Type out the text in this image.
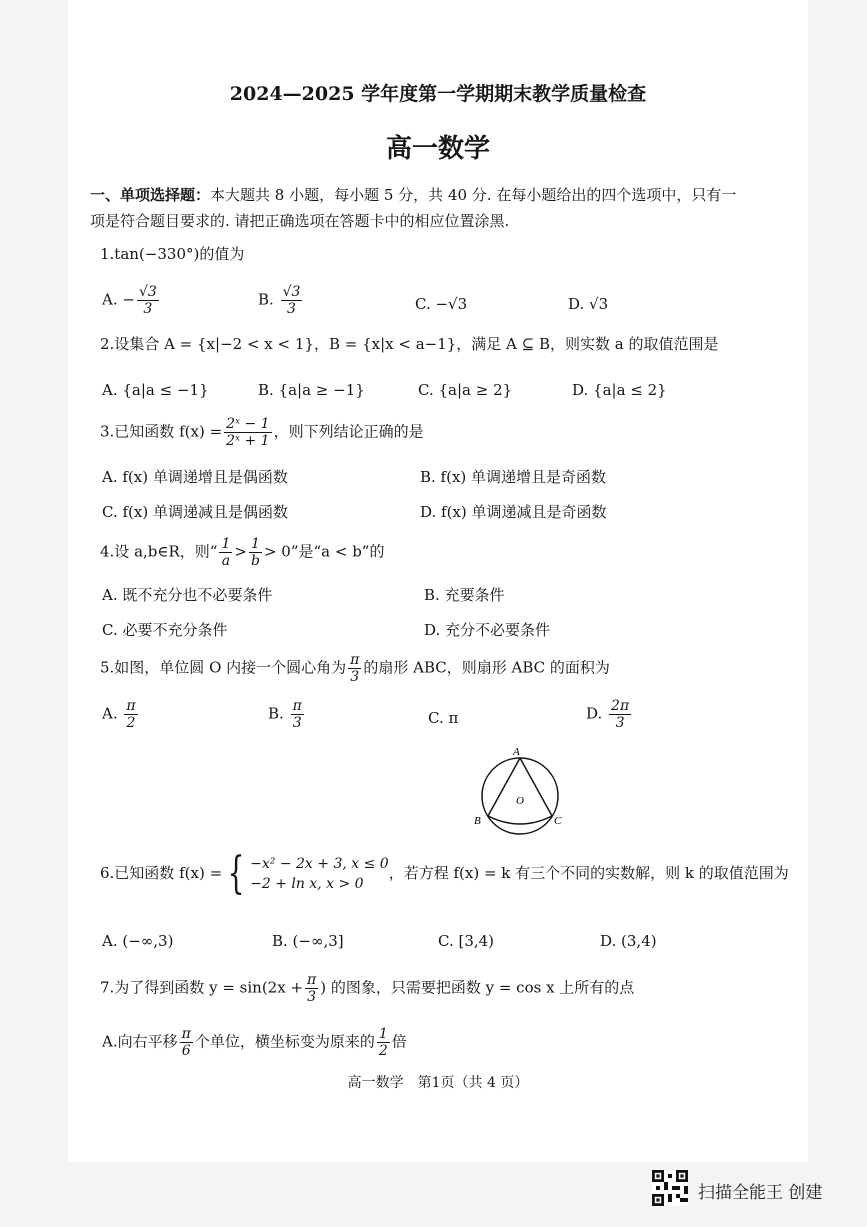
2024—2025 学年度第一学期期末教学质量检查
高一数学
一、单项选择题：本大题共 8 小题，每小题 5 分，共 40 分. 在每小题给出的四个选项中，只有一
项是符合题目要求的. 请把正确选项在答题卡中的相应位置涂黑.
1.tan(−330°)的值为
A. − $\frac{√3}{3}$	B. $\frac{√3}{3}$	C. −√3	D. √3
2.设集合 A = {x|−2 < x < 1}，B = {x|x < a−1}，满足 A ⊆ B，则实数 a 的取值范围是
A. {a|a ≤ −1}	B. {a|a ≥ −1}	C. {a|a ≥ 2}	D. {a|a ≤ 2}
3.已知函数 $f(x) = \frac{\text{2ˣ − 1}}{\text{2ˣ + 1}}$ ，则下列结论正确的是
A. f(x) 单调递增且是偶函数	B. f(x) 单调递增且是奇函数
C. f(x) 单调递减且是偶函数	D. f(x) 单调递减且是奇函数
4.设 a,b∈R，则“ $\frac{1}{a} > \frac{1}{b} > 0$”是“a < b”的
A. 既不充分也不必要条件	B. 充要条件
C. 必要不充分条件	D. 充分不必要条件
5.如图，单位圆 O 内接一个圆心角为 $\frac{\pi}{3}$ 的扇形 ABC，则扇形 ABC 的面积为
A. $\frac{\pi}{2}$	B. $\frac{\pi}{3}$	C. π	D. $\frac{2\pi}{3}$
A
O
B	C
6.已知函数 f(x) = { −x² − 2x + 3, x ≤ 0
−2 + ln x, x > 0
，若方程 f(x) = k 有三个不同的实数解，则 k 的取值范围为
A. (−∞,3)	B. (−∞,3]	C. [3,4)	D. (3,4)
7.为了得到函数 $y = \sin(2x + \frac{\pi}{3}$ ) 的图象，只需要把函数 y = cos x 上所有的点
A.向右平移 $\frac{\pi}{6}$ 个单位，横坐标变为原来的 $\frac{1}{2}$ 倍
高一数学　第1页（共 4 页）
扫描全能王 创建
